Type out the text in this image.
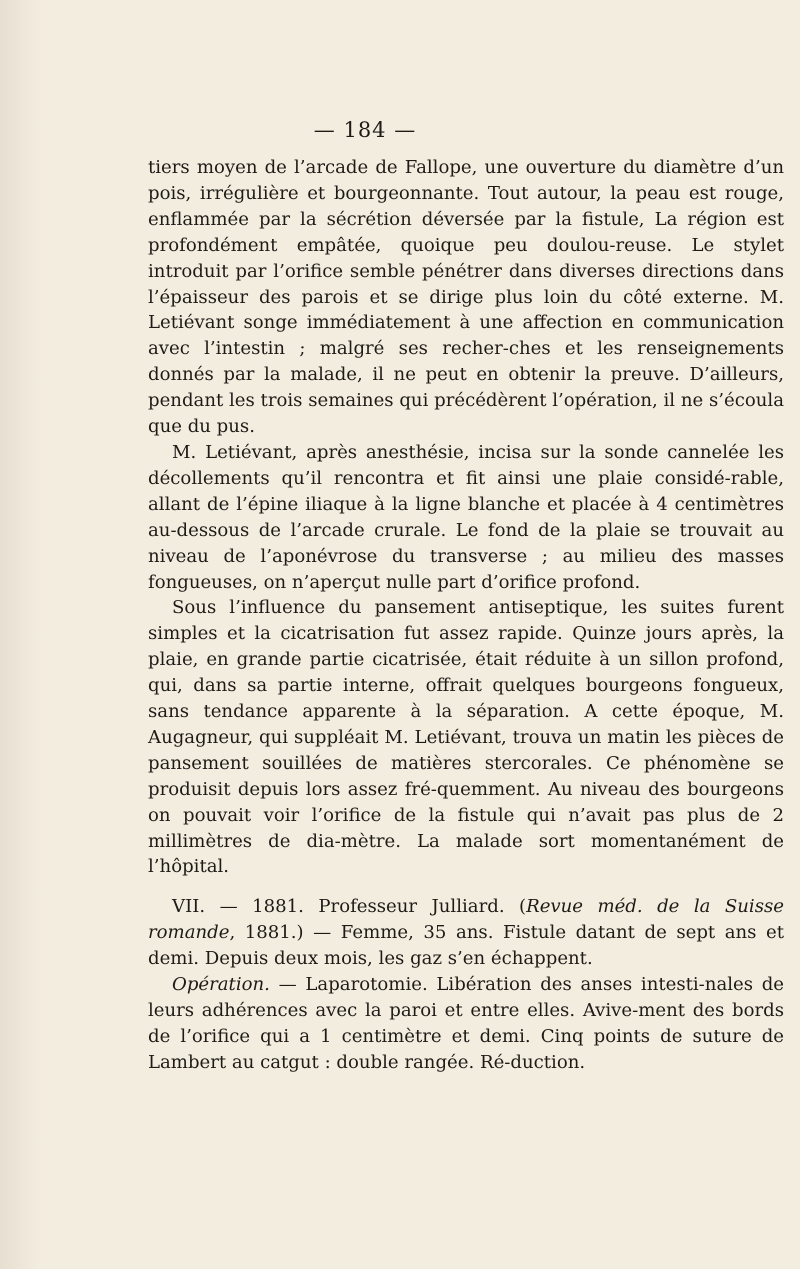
— 184 —

tiers moyen de l’arcade de Fallope, une ouverture du diamètre d’un pois, irrégulière et bourgeonnante. Tout autour, la peau est rouge, enflammée par la sécrétion déversée par la fistule, La région est profondément empâtée, quoique peu doulou-reuse. Le stylet introduit par l’orifice semble pénétrer dans diverses directions dans l’épaisseur des parois et se dirige plus loin du côté externe. M. Letiévant songe immédiatement à une affection en communication avec l’intestin ; malgré ses recher-ches et les renseignements donnés par la malade, il ne peut en obtenir la preuve. D’ailleurs, pendant les trois semaines qui précédèrent l’opération, il ne s’écoula que du pus.

M. Letiévant, après anesthésie, incisa sur la sonde cannelée les décollements qu’il rencontra et fit ainsi une plaie considé-rable, allant de l’épine iliaque à la ligne blanche et placée à 4 centimètres au-dessous de l’arcade crurale. Le fond de la plaie se trouvait au niveau de l’aponévrose du transverse ; au milieu des masses fongueuses, on n’aperçut nulle part d’orifice profond.

Sous l’influence du pansement antiseptique, les suites furent simples et la cicatrisation fut assez rapide. Quinze jours après, la plaie, en grande partie cicatrisée, était réduite à un sillon profond, qui, dans sa partie interne, offrait quelques bourgeons fongueux, sans tendance apparente à la séparation. A cette époque, M. Augagneur, qui suppléait M. Letiévant, trouva un matin les pièces de pansement souillées de matières stercorales. Ce phénomène se produisit depuis lors assez fré-quemment. Au niveau des bourgeons on pouvait voir l’orifice de la fistule qui n’avait pas plus de 2 millimètres de dia-mètre. La malade sort momentanément de l’hôpital.

VII. — 1881. Professeur Julliard. (Revue méd. de la Suisse romande, 1881.) — Femme, 35 ans. Fistule datant de sept ans et demi. Depuis deux mois, les gaz s’en échappent.

Opération. — Laparotomie. Libération des anses intesti-nales de leurs adhérences avec la paroi et entre elles. Avive-ment des bords de l’orifice qui a 1 centimètre et demi. Cinq points de suture de Lambert au catgut : double rangée. Ré-duction.
